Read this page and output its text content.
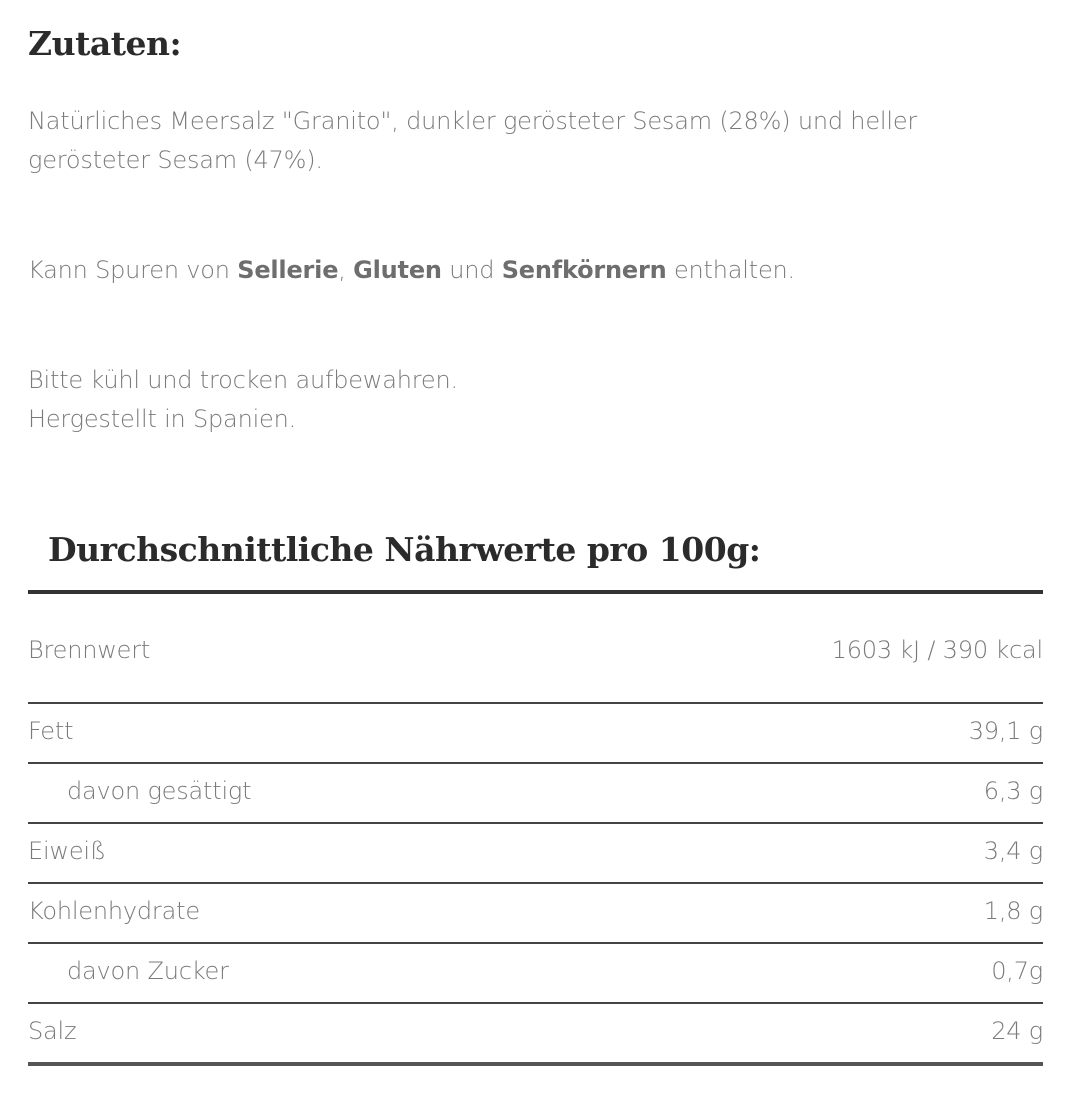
Zutaten:

Natürliches Meersalz "Granito", dunkler gerösteter Sesam (28%) und heller gerösteter Sesam (47%).

Kann Spuren von Sellerie, Gluten und Senfkörnern enthalten.

Bitte kühl und trocken aufbewahren.
Hergestellt in Spanien.

Durchschnittliche Nährwerte pro 100g:
Brennwert	1603 kJ / 390 kcal
Fett	39,1 g
davon gesättigt	6,3 g
Eiweiß	3,4 g
Kohlenhydrate	1,8 g
davon Zucker	0,7g
Salz	24 g
